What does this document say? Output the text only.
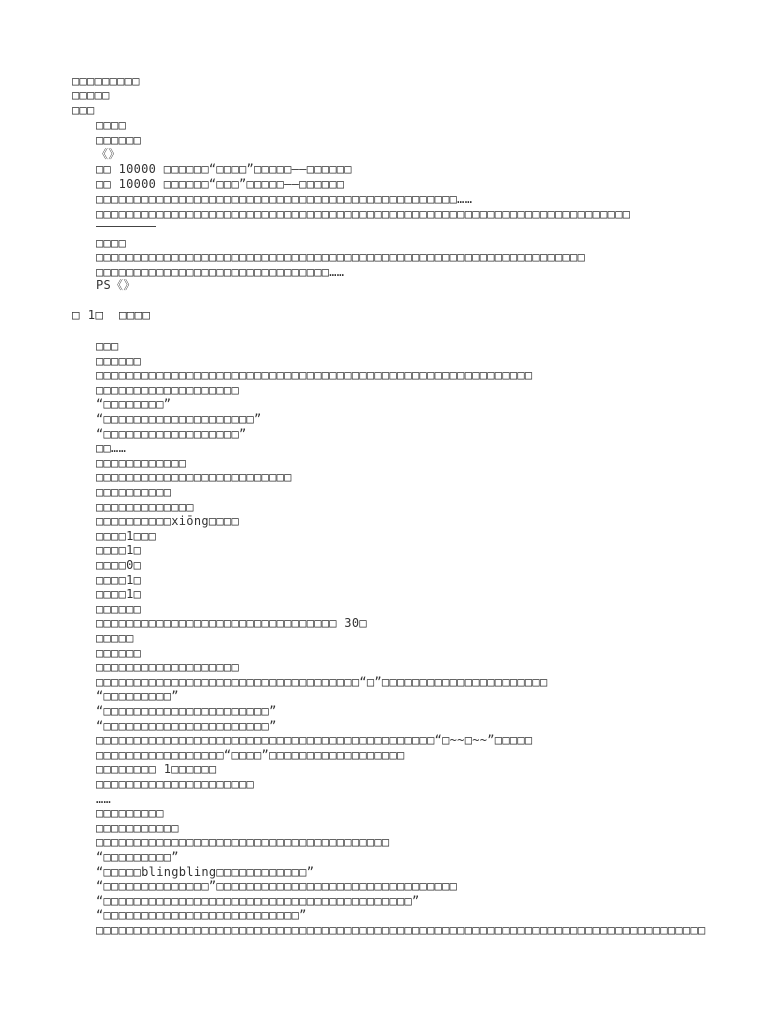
□□□□□□□□□
□□□□□
□□□
□□□□
□□□□□□
《》
□□ 10000 □□□□□□“□□□□”□□□□□——□□□□□□
□□ 10000 □□□□□□“□□□”□□□□□——□□□□□□
□□□□□□□□□□□□□□□□□□□□□□□□□□□□□□□□□□□□□□□□□□□□□□□□……
□□□□□□□□□□□□□□□□□□□□□□□□□□□□□□□□□□□□□□□□□□□□□□□□□□□□□□□□□□□□□□□□□□□□□□□
□□□□
□□□□□□□□□□□□□□□□□□□□□□□□□□□□□□□□□□□□□□□□□□□□□□□□□□□□□□□□□□□□□□□□□
□□□□□□□□□□□□□□□□□□□□□□□□□□□□□□□……
PS《》
□ 1□  □□□□
□□□
□□□□□□
□□□□□□□□□□□□□□□□□□□□□□□□□□□□□□□□□□□□□□□□□□□□□□□□□□□□□□□□□□
□□□□□□□□□□□□□□□□□□□
“□□□□□□□□”
“□□□□□□□□□□□□□□□□□□□□”
“□□□□□□□□□□□□□□□□□□”
□□……
□□□□□□□□□□□□
□□□□□□□□□□□□□□□□□□□□□□□□□□
□□□□□□□□□□
□□□□□□□□□□□□□
□□□□□□□□□□xiōng□□□□
□□□□1□□□
□□□□1□
□□□□0□
□□□□1□
□□□□1□
□□□□□□
□□□□□□□□□□□□□□□□□□□□□□□□□□□□□□□□ 30□
□□□□□
□□□□□□
□□□□□□□□□□□□□□□□□□□
□□□□□□□□□□□□□□□□□□□□□□□□□□□□□□□□□□□“□”□□□□□□□□□□□□□□□□□□□□□□
“□□□□□□□□□”
“□□□□□□□□□□□□□□□□□□□□□□”
“□□□□□□□□□□□□□□□□□□□□□□”
□□□□□□□□□□□□□□□□□□□□□□□□□□□□□□□□□□□□□□□□□□□□□“□~~□~~”□□□□□
□□□□□□□□□□□□□□□□□“□□□□”□□□□□□□□□□□□□□□□□□
□□□□□□□□ 1□□□□□□
□□□□□□□□□□□□□□□□□□□□□
……
□□□□□□□□□
□□□□□□□□□□□
□□□□□□□□□□□□□□□□□□□□□□□□□□□□□□□□□□□□□□□
“□□□□□□□□□”
“□□□□□blingbling□□□□□□□□□□□□”
“□□□□□□□□□□□□□□”□□□□□□□□□□□□□□□□□□□□□□□□□□□□□□□□
“□□□□□□□□□□□□□□□□□□□□□□□□□□□□□□□□□□□□□□□□□”
“□□□□□□□□□□□□□□□□□□□□□□□□□□”
□□□□□□□□□□□□□□□□□□□□□□□□□□□□□□□□□□□□□□□□□□□□□□□□□□□□□□□□□□□□□□□□□□□□□□□□□□□□□□□□□
